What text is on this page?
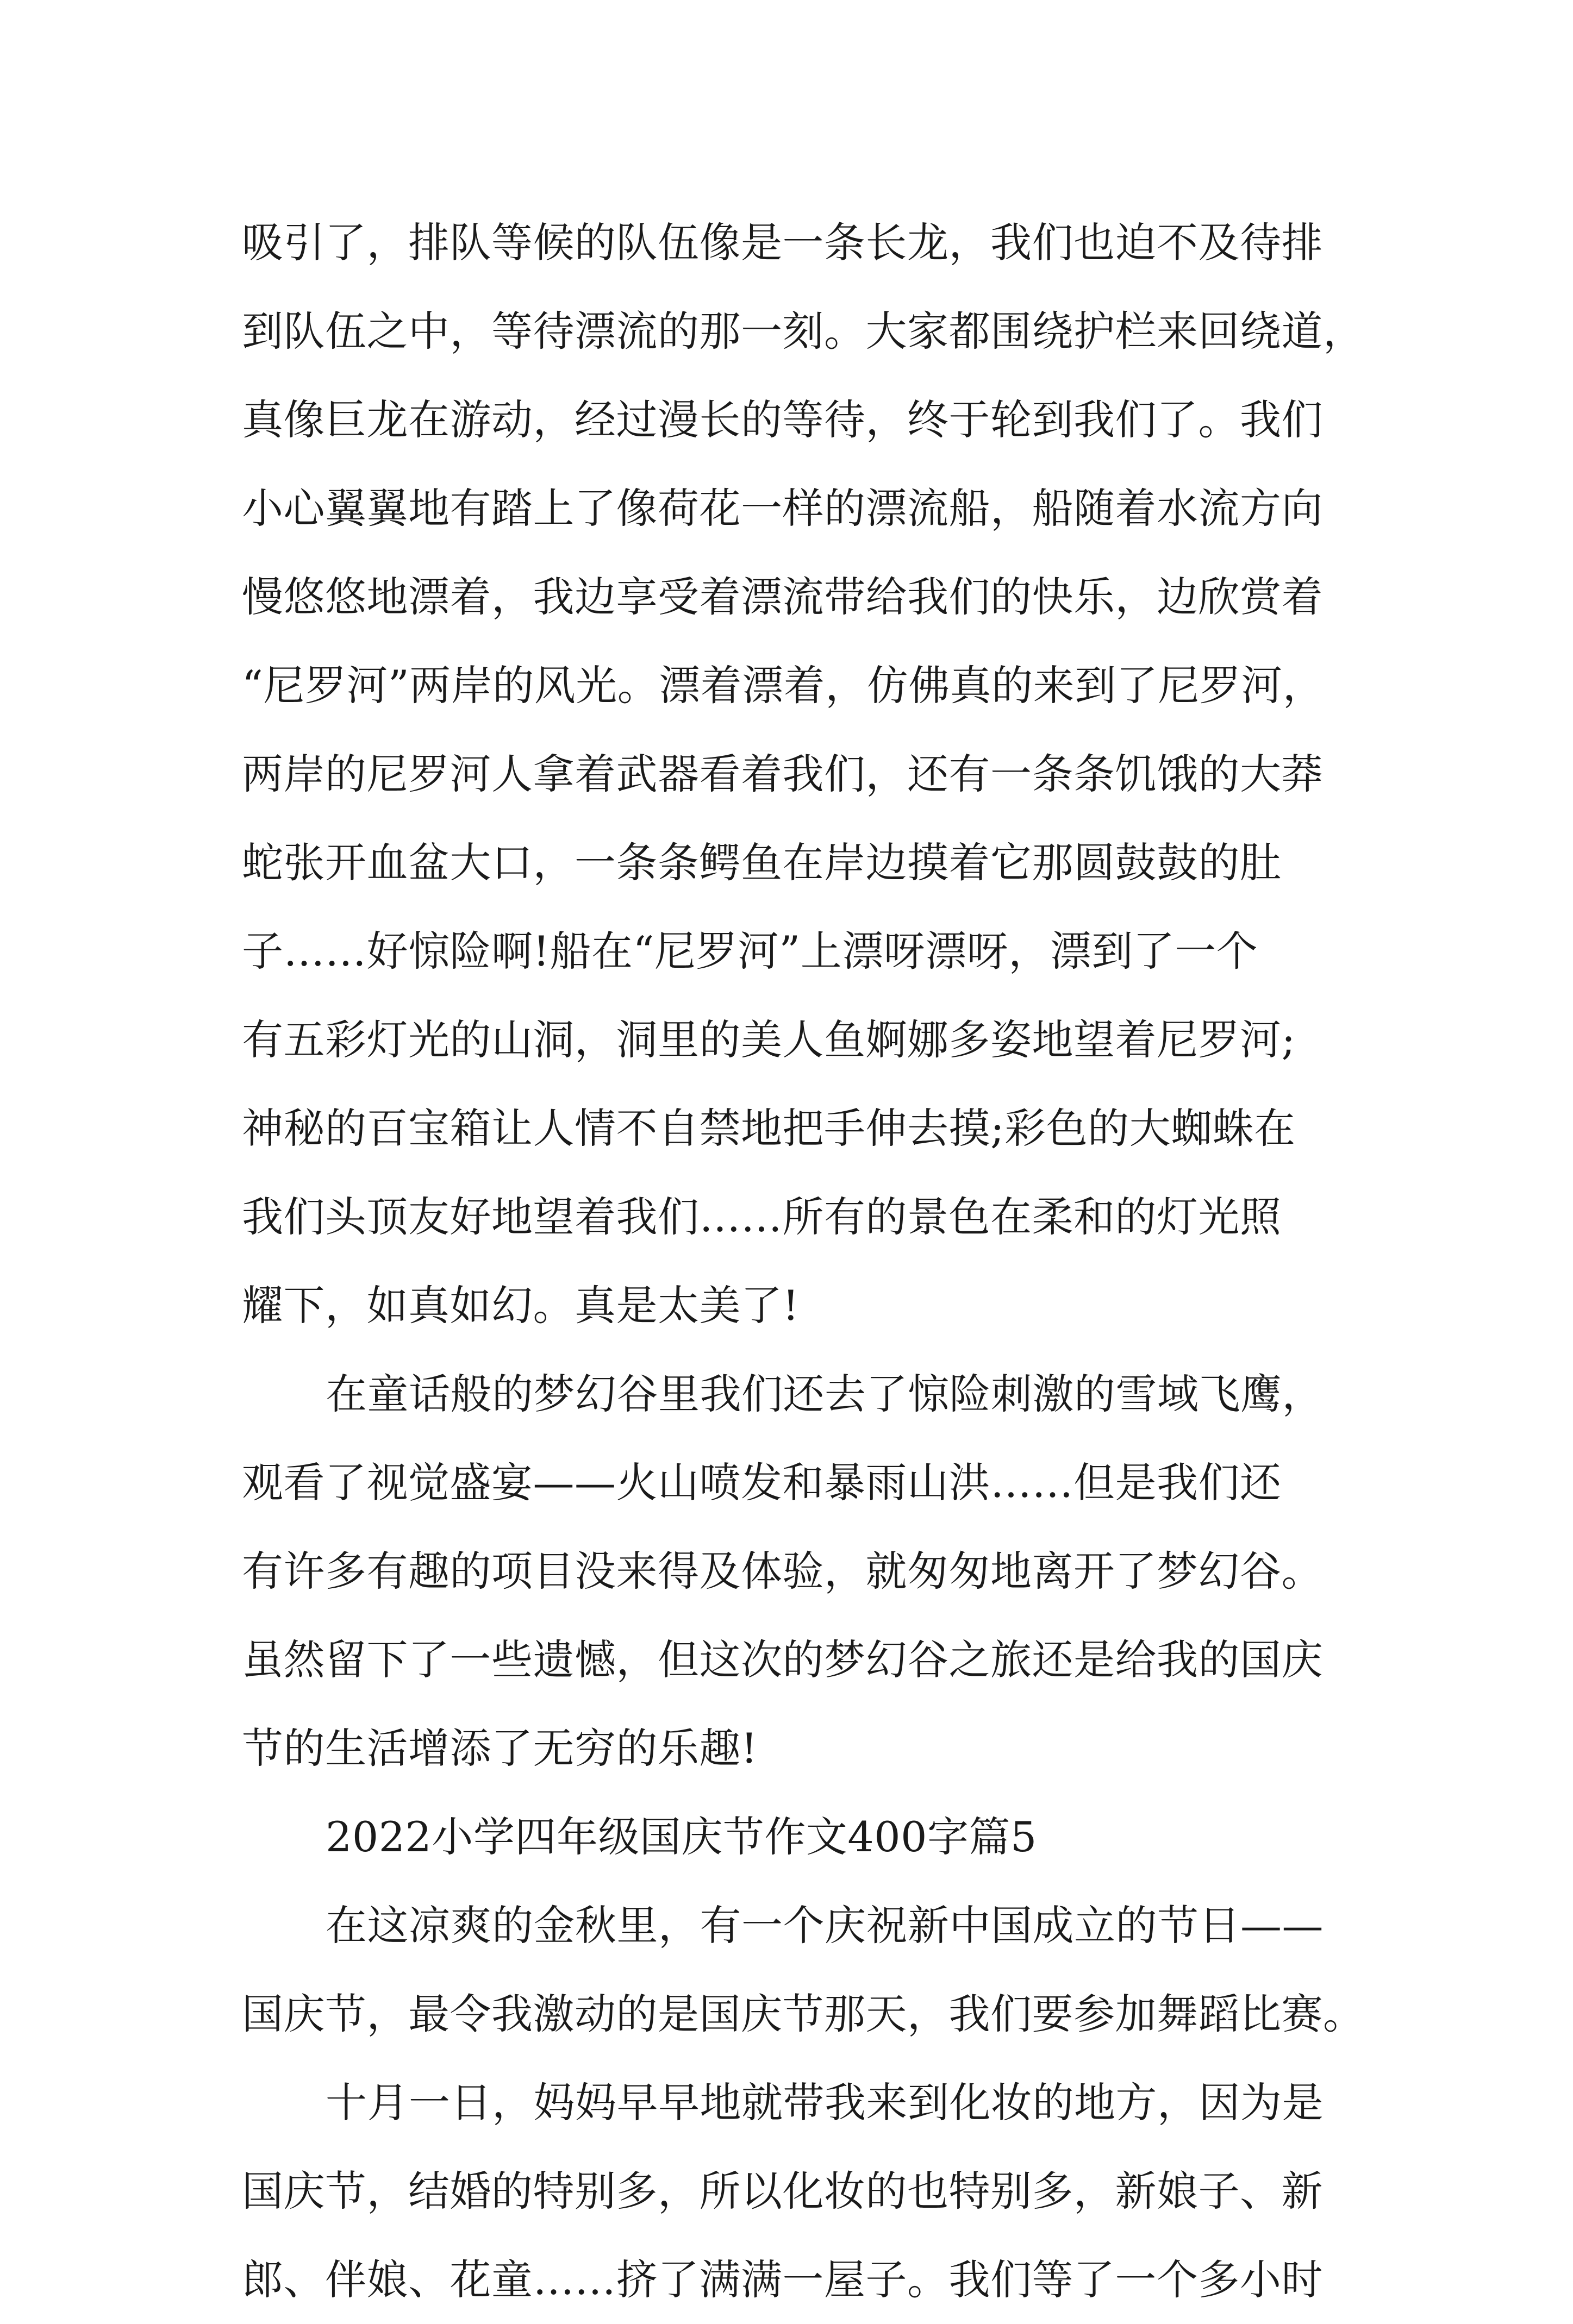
吸引了，排队等候的队伍像是一条长龙，我们也迫不及待排
到队伍之中，等待漂流的那一刻。大家都围绕护栏来回绕道，
真像巨龙在游动，经过漫长的等待，终于轮到我们了。我们
小心翼翼地有踏上了像荷花一样的漂流船，船随着水流方向
慢悠悠地漂着，我边享受着漂流带给我们的快乐，边欣赏着
“尼罗河”两岸的风光。漂着漂着，仿佛真的来到了尼罗河，
两岸的尼罗河人拿着武器看着我们，还有一条条饥饿的大莽
蛇张开血盆大口，一条条鳄鱼在岸边摸着它那圆鼓鼓的肚
子……好惊险啊!船在“尼罗河”上漂呀漂呀，漂到了一个
有五彩灯光的山洞，洞里的美人鱼婀娜多姿地望着尼罗河;
神秘的百宝箱让人情不自禁地把手伸去摸;彩色的大蜘蛛在
我们头顶友好地望着我们……所有的景色在柔和的灯光照
耀下，如真如幻。真是太美了!
在童话般的梦幻谷里我们还去了惊险刺激的雪域飞鹰，
观看了视觉盛宴——火山喷发和暴雨山洪……但是我们还
有许多有趣的项目没来得及体验，就匆匆地离开了梦幻谷。
虽然留下了一些遗憾，但这次的梦幻谷之旅还是给我的国庆
节的生活增添了无穷的乐趣!
2022小学四年级国庆节作文400字篇5
在这凉爽的金秋里，有一个庆祝新中国成立的节日——
国庆节，最令我激动的是国庆节那天，我们要参加舞蹈比赛。
十月一日，妈妈早早地就带我来到化妆的地方，因为是
国庆节，结婚的特别多，所以化妆的也特别多，新娘子、新
郎、伴娘、花童……挤了满满一屋子。我们等了一个多小时
